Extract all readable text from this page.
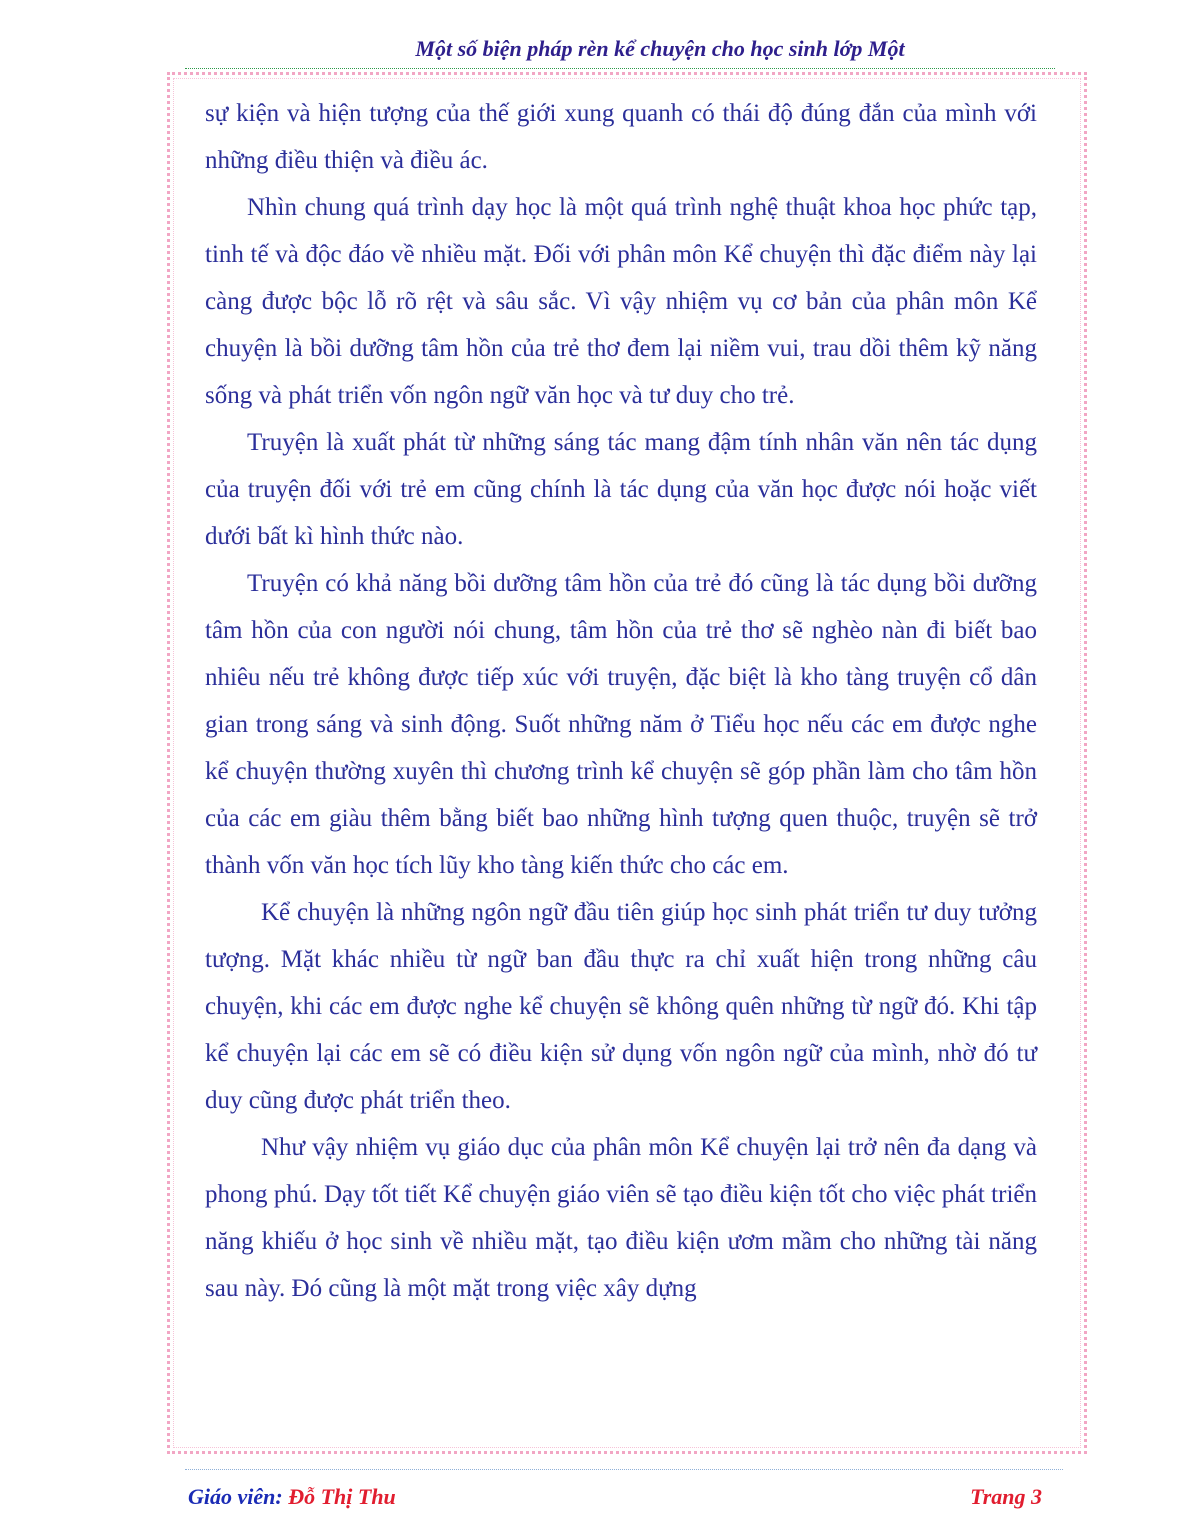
Một số biện pháp rèn kể chuyện cho học sinh lớp Một

sự kiện và hiện tượng của thế giới xung quanh có thái độ đúng đắn của mình với những điều thiện và điều ác.

Nhìn chung quá trình dạy học là một quá trình nghệ thuật khoa học phức tạp, tinh tế và độc đáo về nhiều mặt. Đối với phân môn Kể chuyện thì đặc điểm này lại càng được bộc lỗ rõ rệt và sâu sắc. Vì vậy nhiệm vụ cơ bản của phân môn Kể chuyện là bồi dưỡng tâm hồn của trẻ thơ đem lại niềm vui, trau dồi thêm kỹ năng sống và phát triển vốn ngôn ngữ văn học và tư duy cho trẻ.

Truyện là xuất phát từ những sáng tác mang đậm tính nhân văn nên tác dụng của truyện đối với trẻ em cũng chính là tác dụng của văn học được nói hoặc viết dưới bất kì hình thức nào.

Truyện có khả năng bồi dưỡng tâm hồn của trẻ đó cũng là tác dụng bồi dưỡng tâm hồn của con người nói chung, tâm hồn của trẻ thơ sẽ nghèo nàn đi biết bao nhiêu nếu trẻ không được tiếp xúc với truyện, đặc biệt là kho tàng truyện cổ dân gian trong sáng và sinh động. Suốt những năm ở Tiểu học nếu các em được nghe kể chuyện thường xuyên thì chương trình kể chuyện sẽ góp phần làm cho tâm hồn của các em giàu thêm bằng biết bao những hình tượng quen thuộc, truyện sẽ trở thành vốn văn học tích lũy kho tàng kiến thức cho các em.

Kể chuyện là những ngôn ngữ đầu tiên giúp học sinh phát triển tư duy tưởng tượng. Mặt khác nhiều từ ngữ ban đầu thực ra chỉ xuất hiện trong những câu chuyện, khi các em được nghe kể chuyện sẽ không quên những từ ngữ đó. Khi tập kể chuyện lại các em sẽ có điều kiện sử dụng vốn ngôn ngữ của mình, nhờ đó tư duy cũng được phát triển theo.

Như vậy nhiệm vụ giáo dục của phân môn Kể chuyện lại trở nên đa dạng và phong phú. Dạy tốt tiết Kể chuyện giáo viên sẽ tạo điều kiện tốt cho việc phát triển năng khiếu ở học sinh về nhiều mặt, tạo điều kiện ươm mầm cho những tài năng sau này. Đó cũng là một mặt trong việc xây dựng

Giáo viên: Đỗ Thị Thu	Trang 3
